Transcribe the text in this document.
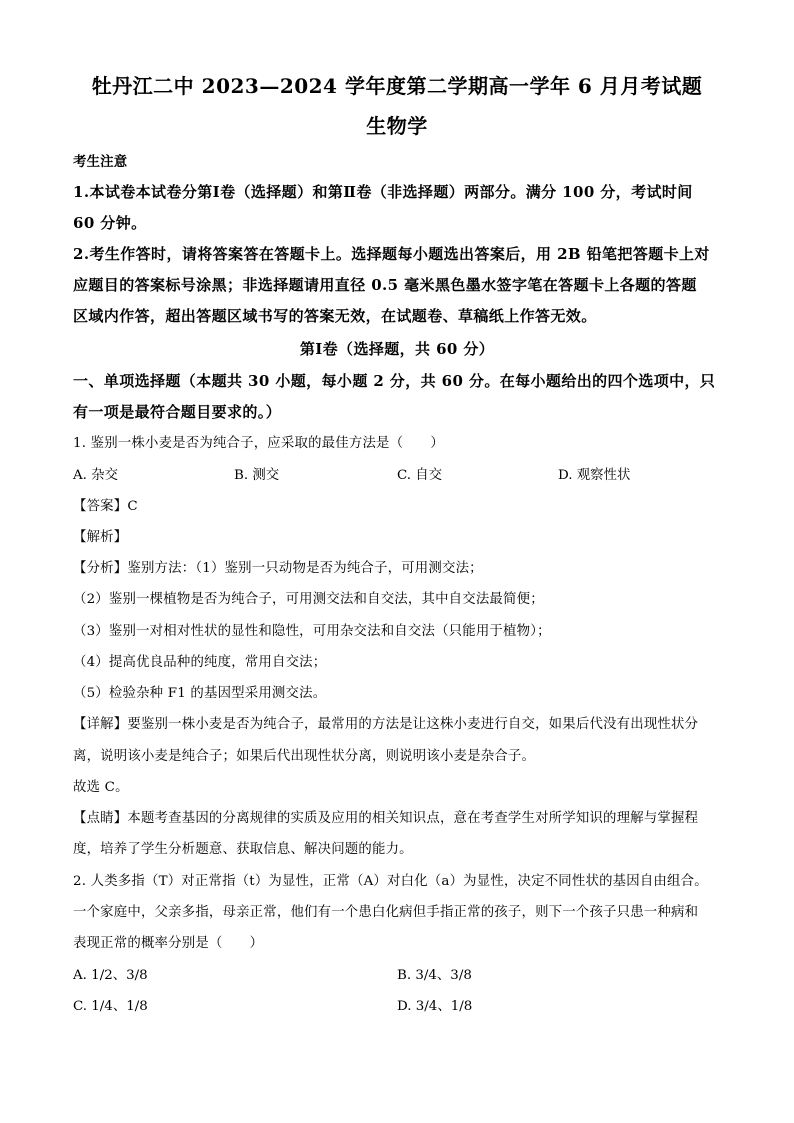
牡丹江二中 2023—2024 学年度第二学期高一学年 6 月月考试题
生物学
考生注意
1.本试卷本试卷分第Ⅰ卷（选择题）和第Ⅱ卷（非选择题）两部分。满分 100 分，考试时间
60 分钟。
2.考生作答时，请将答案答在答题卡上。选择题每小题选出答案后，用 2B 铅笔把答题卡上对
应题目的答案标号涂黑；非选择题请用直径 0.5 毫米黑色墨水签字笔在答题卡上各题的答题
区域内作答，超出答题区域书写的答案无效，在试题卷、草稿纸上作答无效。
第Ⅰ卷（选择题，共 60 分）
一、单项选择题（本题共 30 小题，每小题 2 分，共 60 分。在每小题给出的四个选项中，只
有一项是最符合题目要求的。）
1. 鉴别一株小麦是否为纯合子，应采取的最佳方法是（　　）
A. 杂交	B. 测交	C. 自交	D. 观察性状
【答案】C
【解析】
【分析】鉴别方法：（1）鉴别一只动物是否为纯合子，可用测交法；
（2）鉴别一棵植物是否为纯合子，可用测交法和自交法，其中自交法最简便；
（3）鉴别一对相对性状的显性和隐性，可用杂交法和自交法（只能用于植物）；
（4）提高优良品种的纯度，常用自交法；
（5）检验杂种 F1 的基因型采用测交法。
【详解】要鉴别一株小麦是否为纯合子，最常用的方法是让这株小麦进行自交，如果后代没有出现性状分
离，说明该小麦是纯合子；如果后代出现性状分离，则说明该小麦是杂合子。
故选 C。
【点睛】本题考查基因的分离规律的实质及应用的相关知识点，意在考查学生对所学知识的理解与掌握程
度，培养了学生分析题意、获取信息、解决问题的能力。
2. 人类多指（T）对正常指（t）为显性，正常（A）对白化（a）为显性，决定不同性状的基因自由组合。
一个家庭中，父亲多指，母亲正常，他们有一个患白化病但手指正常的孩子，则下一个孩子只患一种病和
表现正常的概率分别是（　　）
A. 1/2、3/8	B. 3/4、3/8
C. 1/4、1/8	D. 3/4、1/8
